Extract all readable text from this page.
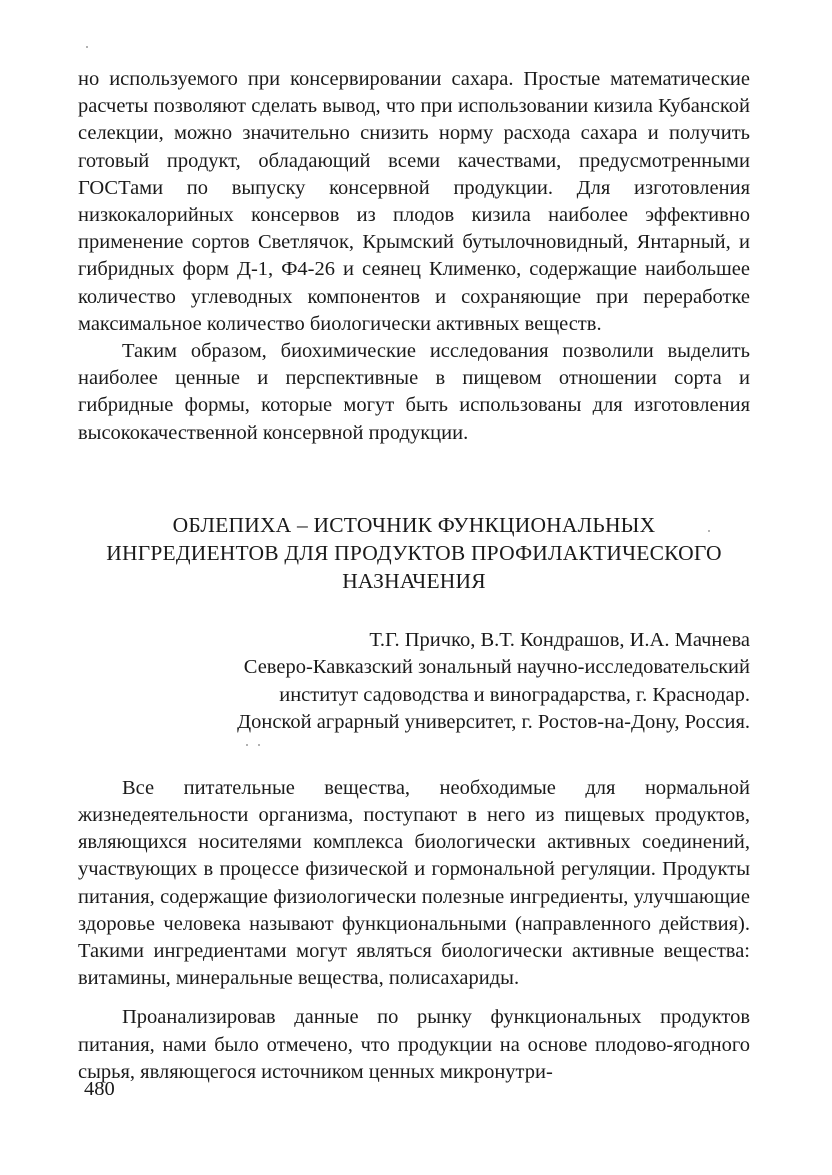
но используемого при консервировании сахара. Простые математические расчеты позволяют сделать вывод, что при использовании кизила Кубанской селекции, можно значительно снизить норму расхода сахара и получить готовый продукт, обладающий всеми качествами, предусмотренными ГОСТами по выпуску консервной продукции. Для изготовления низкокалорийных консервов из плодов кизила наиболее эффективно применение сортов Светлячок, Крымский бутылочновидный, Янтарный, и гибридных форм Д-1, Ф4-26 и сеянец Клименко, содержащие наибольшее количество углеводных компонентов и сохраняющие при переработке максимальное количество биологически активных веществ.

Таким образом, биохимические исследования позволили выделить наиболее ценные и перспективные в пищевом отношении сорта и гибридные формы, которые могут быть использованы для изготовления высококачественной консервной продукции.

ОБЛЕПИХА – ИСТОЧНИК ФУНКЦИОНАЛЬНЫХ
ИНГРЕДИЕНТОВ ДЛЯ ПРОДУКТОВ ПРОФИЛАКТИЧЕСКОГО
НАЗНАЧЕНИЯ
Т.Г. Причко, В.Т. Кондрашов, И.А. Мачнева
Северо-Кавказский зональный научно-исследовательский
институт садоводства и виноградарства, г. Краснодар.
Донской аграрный университет, г. Ростов-на-Дону, Россия.

Все питательные вещества, необходимые для нормальной жизнедеятельности организма, поступают в него из пищевых продуктов, являющихся носителями комплекса биологически активных соединений, участвующих в процессе физической и гормональной регуляции. Продукты питания, содержащие физиологически полезные ингредиенты, улучшающие здоровье человека называют функциональными (направленного действия). Такими ингредиентами могут являться биологически активные вещества: витамины, минеральные вещества, полисахариды.

Проанализировав данные по рынку функциональных продуктов питания, нами было отмечено, что продукции на основе плодово-ягодного сырья, являющегося источником ценных микронутри-

480
